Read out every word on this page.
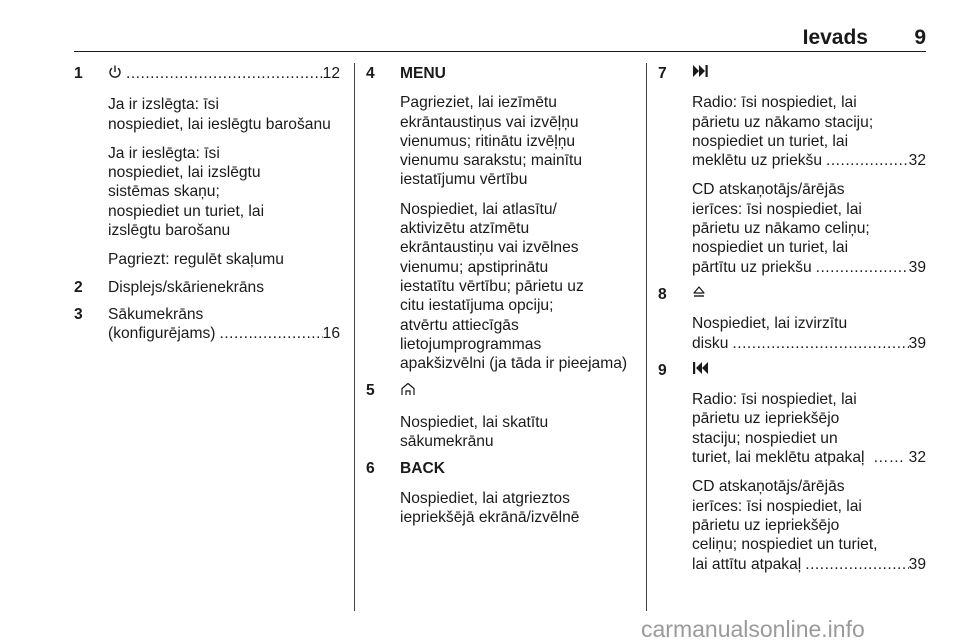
Ievads 9
1 .....	12
Ja ir izslēgta: īsi
nospiediet, lai ieslēgtu barošanu
Ja ir ieslēgta: īsi
nospiediet, lai izslēgtu
sistēmas skaņu;
nospiediet un turiet, lai
izslēgtu barošanu
Pagriezt: regulēt skaļumu
2 Displejs/skārienekrāns
3 Sākumekrāns
(konfigurējams) .....	16
4 MENU
Pagrieziet, lai iezīmētu
ekrāntaustiņus vai izvēļņu
vienumus; ritinātu izvēļņu
vienumu sarakstu; mainītu
iestatījumu vērtību
Nospiediet, lai atlasītu/
aktivizētu atzīmētu
ekrāntaustiņu vai izvēlnes
vienumu; apstiprinātu
iestatītu vērtību; pārietu uz
citu iestatījuma opciju;
atvērtu attiecīgās
lietojumprogrammas
apakšizvēlni (ja tāda ir pieejama)
5
Nospiediet, lai skatītu
sākumekrānu
6 BACK
Nospiediet, lai atgrieztos
iepriekšējā ekrānā/izvēlnē
7
Radio: īsi nospiediet, lai
pārietu uz nākamo staciju;
nospiediet un turiet, lai
meklētu uz priekšu .....	32
CD atskaņotājs/ārējās
ierīces: īsi nospiediet, lai
pārietu uz nākamo celiņu;
nospiediet un turiet, lai
pārtītu uz priekšu .....	39
8
Nospiediet, lai izvirzītu
disku .....	39
9
Radio: īsi nospiediet, lai
pārietu uz iepriekšējo
staciju; nospiediet un
turiet, lai meklētu atpakaļ …… 32
CD atskaņotājs/ārējās
ierīces: īsi nospiediet, lai
pārietu uz iepriekšējo
celiņu; nospiediet un turiet,
lai attītu atpakaļ .....	39
carmanualsonline.info
